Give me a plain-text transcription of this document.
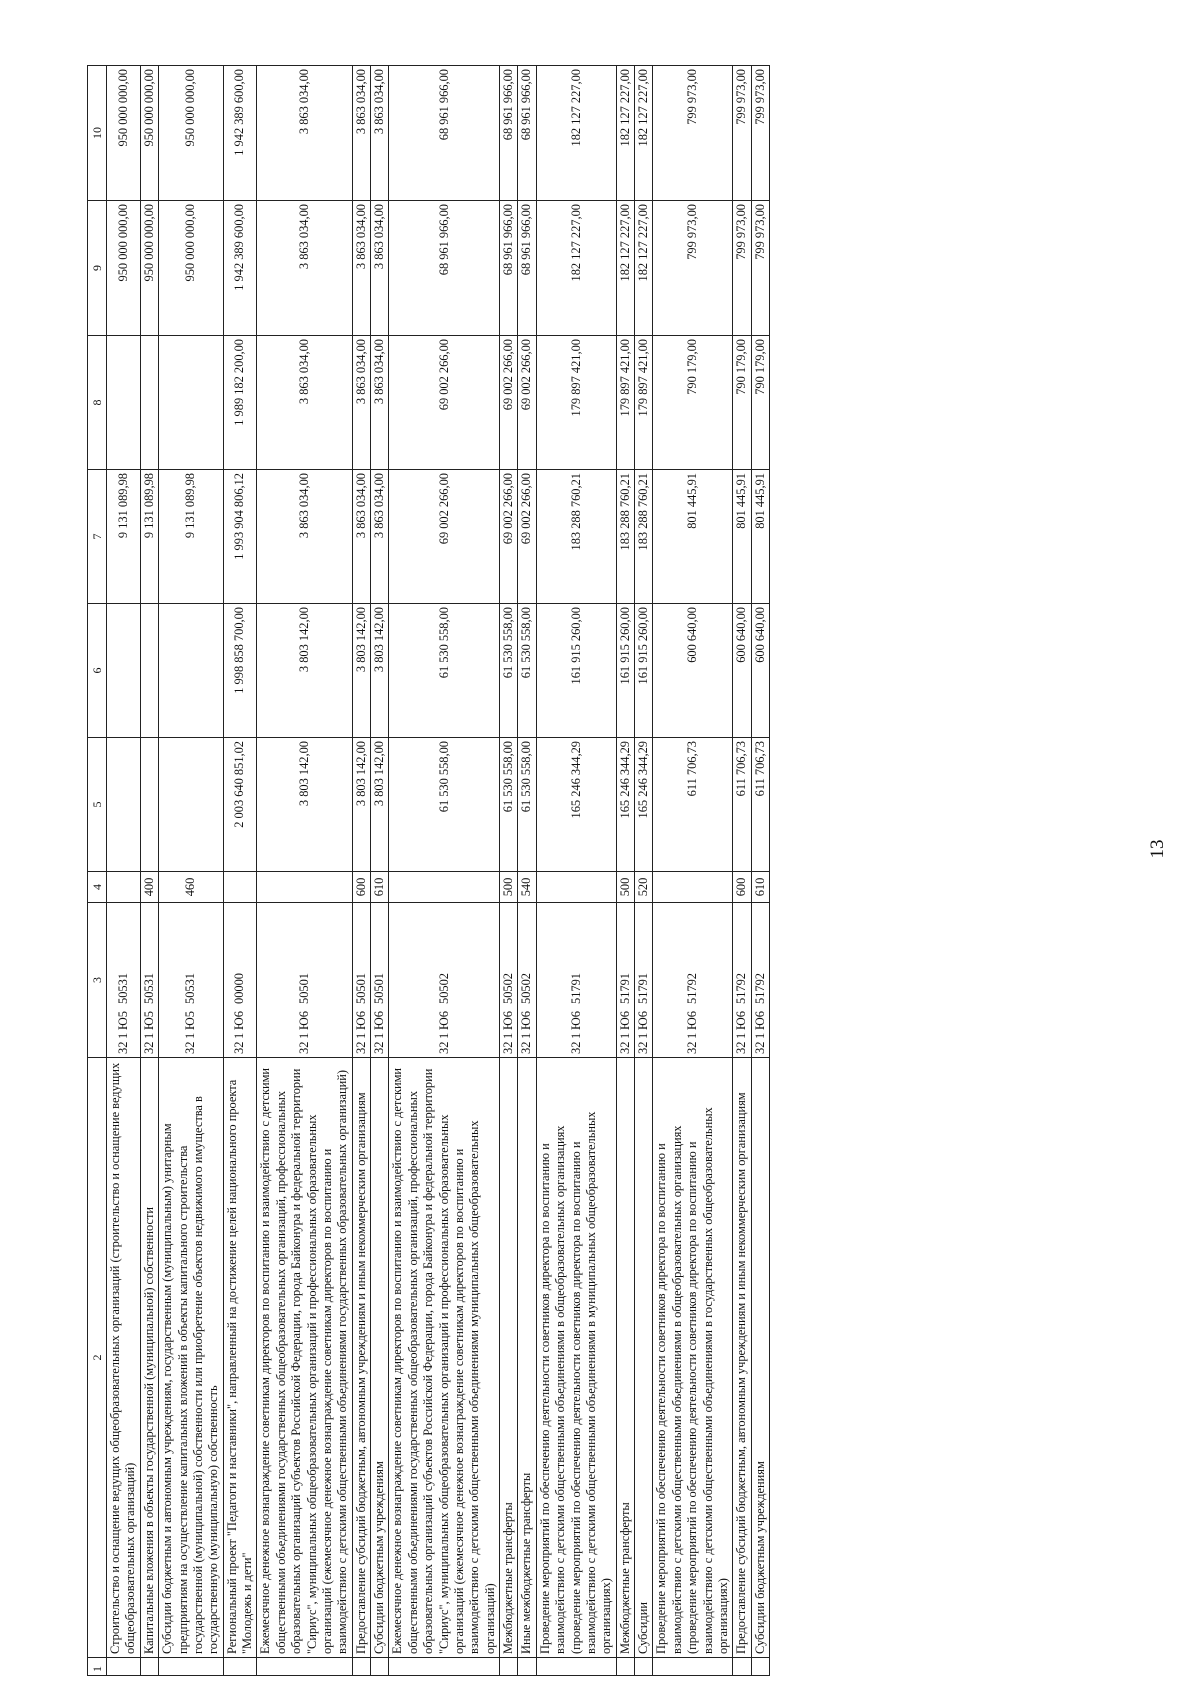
13
1	2	3	4	5	6	7	8	9	10
	Строительство и оснащение ведущих общеобразовательных организаций (строительство и оснащение ведущих общеобразовательных организаций)	321Ю550531				9 131 089,98		950 000 000,00	950 000 000,00
	Капитальные вложения в объекты государственной (муниципальной) собственности	321Ю550531	400			9 131 089,98		950 000 000,00	950 000 000,00
	Субсидии бюджетным и автономным учреждениям, государственным (муниципальным) унитарным предприятиям на осуществление капитальных вложений в объекты капитального строительства государственной (муниципальной) собственности или приобретение объектов недвижимого имущества в государственную (муниципальную) собственность	321Ю550531	460			9 131 089,98		950 000 000,00	950 000 000,00
	Региональный проект "Педагоги и наставники", направленный на достижение целей национального проекта "Молодежь и дети"	321Ю600000		2 003 640 851,02	1 998 858 700,00	1 993 904 806,12	1 989 182 200,00	1 942 389 600,00	1 942 389 600,00
	Ежемесячное денежное вознаграждение советникам директоров по воспитанию и взаимодействию с детскими общественными объединениями государственных общеобразовательных организаций, профессиональных образовательных организаций субъектов Российской Федерации, города Байконура и федеральной территории "Сириус", муниципальных общеобразовательных организаций и профессиональных образовательных организаций (ежемесячное денежное вознаграждение советникам директоров по воспитанию и взаимодействию с детскими общественными объединениями государственных образовательных организаций)	321Ю650501		3 803 142,00	3 803 142,00	3 863 034,00	3 863 034,00	3 863 034,00	3 863 034,00
	Предоставление субсидий бюджетным, автономным учреждениям и иным некоммерческим организациям	321Ю650501	600	3 803 142,00	3 803 142,00	3 863 034,00	3 863 034,00	3 863 034,00	3 863 034,00
	Субсидии бюджетным учреждениям	321Ю650501	610	3 803 142,00	3 803 142,00	3 863 034,00	3 863 034,00	3 863 034,00	3 863 034,00
	Ежемесячное денежное вознаграждение советникам директоров по воспитанию и взаимодействию с детскими общественными объединениями государственных общеобразовательных организаций, профессиональных образовательных организаций субъектов Российской Федерации, города Байконура и федеральной территории "Сириус", муниципальных общеобразовательных организаций и профессиональных образовательных организаций (ежемесячное денежное вознаграждение советникам директоров по воспитанию и взаимодействию с детскими общественными объединениями муниципальных общеобразовательных организаций)	321Ю650502		61 530 558,00	61 530 558,00	69 002 266,00	69 002 266,00	68 961 966,00	68 961 966,00
	Межбюджетные трансферты	321Ю650502	500	61 530 558,00	61 530 558,00	69 002 266,00	69 002 266,00	68 961 966,00	68 961 966,00
	Иные межбюджетные трансферты	321Ю650502	540	61 530 558,00	61 530 558,00	69 002 266,00	69 002 266,00	68 961 966,00	68 961 966,00
	Проведение мероприятий по обеспечению деятельности советников директора по воспитанию и взаимодействию с детскими общественными объединениями в общеобразовательных организациях (проведение мероприятий по обеспечению деятельности советников директора по воспитанию и взаимодействию с детскими общественными объединениями в муниципальных общеобразовательных организациях)	321Ю651791		165 246 344,29	161 915 260,00	183 288 760,21	179 897 421,00	182 127 227,00	182 127 227,00
	Межбюджетные трансферты	321Ю651791	500	165 246 344,29	161 915 260,00	183 288 760,21	179 897 421,00	182 127 227,00	182 127 227,00
	Субсидии	321Ю651791	520	165 246 344,29	161 915 260,00	183 288 760,21	179 897 421,00	182 127 227,00	182 127 227,00
	Проведение мероприятий по обеспечению деятельности советников директора по воспитанию и взаимодействию с детскими общественными объединениями в общеобразовательных организациях (проведение мероприятий по обеспечению деятельности советников директора по воспитанию и взаимодействию с детскими общественными объединениями в государственных общеобразовательных организациях)	321Ю651792		611 706,73	600 640,00	801 445,91	790 179,00	799 973,00	799 973,00
	Предоставление субсидий бюджетным, автономным учреждениям и иным некоммерческим организациям	321Ю651792	600	611 706,73	600 640,00	801 445,91	790 179,00	799 973,00	799 973,00
	Субсидии бюджетным учреждениям	321Ю651792	610	611 706,73	600 640,00	801 445,91	790 179,00	799 973,00	799 973,00
